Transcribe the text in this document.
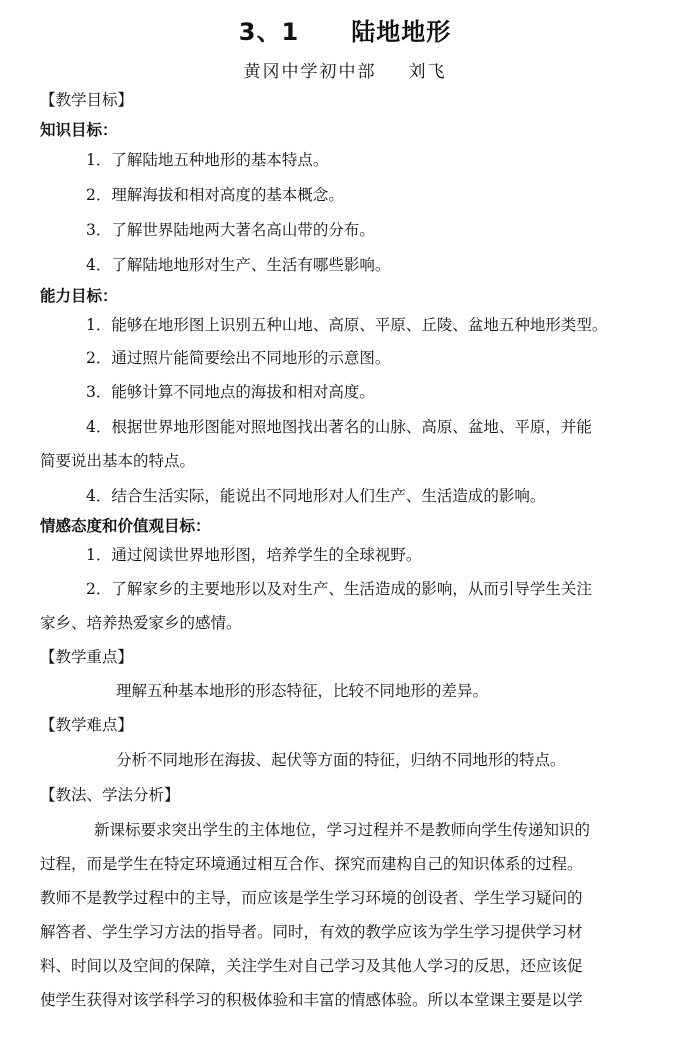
3、1 陆地地形
黄冈中学初中部 刘飞
【教学目标】
知识目标：
1．了解陆地五种地形的基本特点。
2．理解海拔和相对高度的基本概念。
3．了解世界陆地两大著名高山带的分布。
4．了解陆地地形对生产、生活有哪些影响。
能力目标：
1．能够在地形图上识别五种山地、高原、平原、丘陵、盆地五种地形类型。
2．通过照片能简要绘出不同地形的示意图。
3．能够计算不同地点的海拔和相对高度。
4．根据世界地形图能对照地图找出著名的山脉、高原、盆地、平原，并能
简要说出基本的特点。
4．结合生活实际，能说出不同地形对人们生产、生活造成的影响。
情感态度和价值观目标：
1．通过阅读世界地形图，培养学生的全球视野。
2．了解家乡的主要地形以及对生产、生活造成的影响，从而引导学生关注
家乡、培养热爱家乡的感情。
【教学重点】
理解五种基本地形的形态特征，比较不同地形的差异。
【教学难点】
分析不同地形在海拔、起伏等方面的特征，归纳不同地形的特点。
【教法、学法分析】
新课标要求突出学生的主体地位，学习过程并不是教师向学生传递知识的
过程，而是学生在特定环境通过相互合作、探究而建构自己的知识体系的过程。
教师不是教学过程中的主导，而应该是学生学习环境的创设者、学生学习疑问的
解答者、学生学习方法的指导者。同时，有效的教学应该为学生学习提供学习材
料、时间以及空间的保障，关注学生对自己学习及其他人学习的反思，还应该促
使学生获得对该学科学习的积极体验和丰富的情感体验。所以本堂课主要是以学
